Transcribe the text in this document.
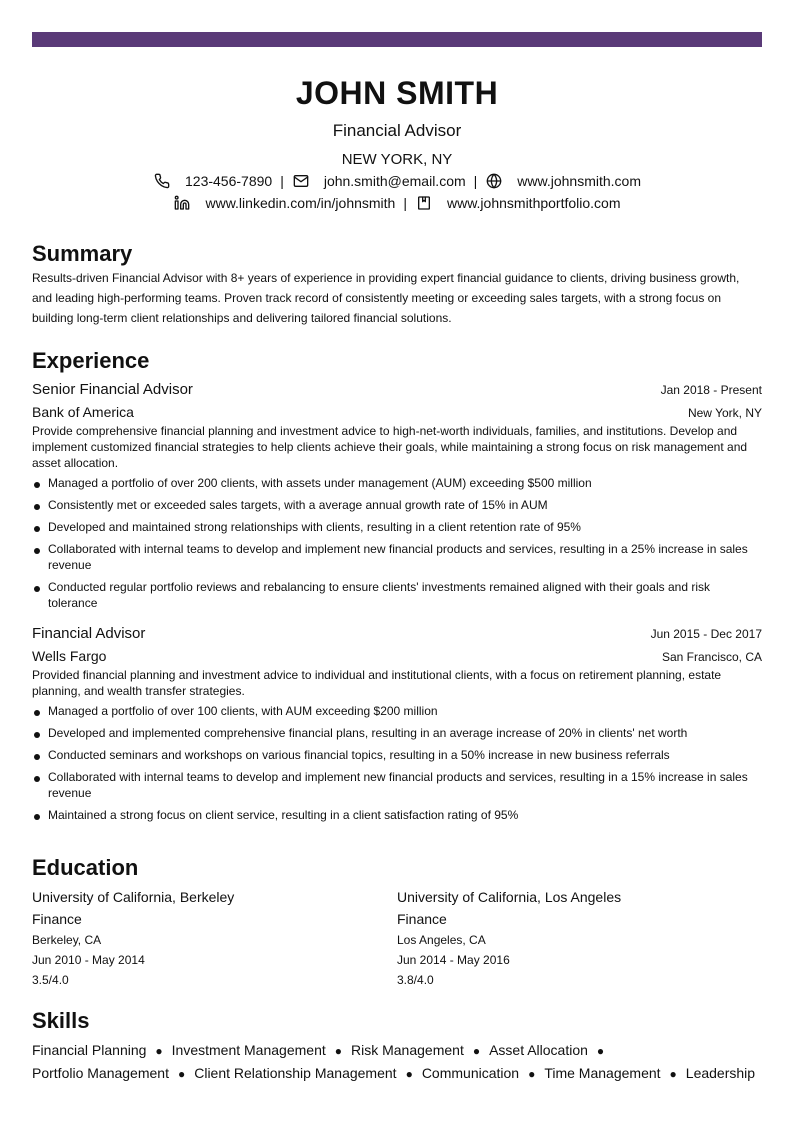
JOHN SMITH
Financial Advisor
NEW YORK, NY
123-456-7890 |	john.smith@email.com |	www.johnsmith.com
www.linkedin.com/in/johnsmith |	www.johnsmithportfolio.com
Summary

Results-driven Financial Advisor with 8+ years of experience in providing expert financial guidance to clients, driving business growth, and leading high-performing teams. Proven track record of consistently meeting or exceeding sales targets, with a strong focus on building long-term client relationships and delivering tailored financial solutions.

Experience
Senior Financial Advisor	Jan 2018 - Present
Bank of America	New York, NY

Provide comprehensive financial planning and investment advice to high-net-worth individuals, families, and institutions. Develop and implement customized financial strategies to help clients achieve their goals, while maintaining a strong focus on risk management and asset allocation.

Managed a portfolio of over 200 clients, with assets under management (AUM) exceeding $500 million
Consistently met or exceeded sales targets, with a average annual growth rate of 15% in AUM
Developed and maintained strong relationships with clients, resulting in a client retention rate of 95%
Collaborated with internal teams to develop and implement new financial products and services, resulting in a 25% increase in sales revenue
Conducted regular portfolio reviews and rebalancing to ensure clients' investments remained aligned with their goals and risk tolerance
Financial Advisor	Jun 2015 - Dec 2017
Wells Fargo	San Francisco, CA

Provided financial planning and investment advice to individual and institutional clients, with a focus on retirement planning, estate planning, and wealth transfer strategies.

Managed a portfolio of over 100 clients, with AUM exceeding $200 million
Developed and implemented comprehensive financial plans, resulting in an average increase of 20% in clients' net worth
Conducted seminars and workshops on various financial topics, resulting in a 50% increase in new business referrals
Collaborated with internal teams to develop and implement new financial products and services, resulting in a 15% increase in sales revenue
Maintained a strong focus on client service, resulting in a client satisfaction rating of 95%
Education
University of California, Berkeley
Finance
Berkeley, CA
Jun 2010 - May 2014
3.5/4.0
University of California, Los Angeles
Finance
Los Angeles, CA
Jun 2014 - May 2016
3.8/4.0
Skills
Financial Planning ● Investment Management ● Risk Management ● Asset Allocation ●
Portfolio Management ● Client Relationship Management ● Communication ● Time Management ● Leadership
